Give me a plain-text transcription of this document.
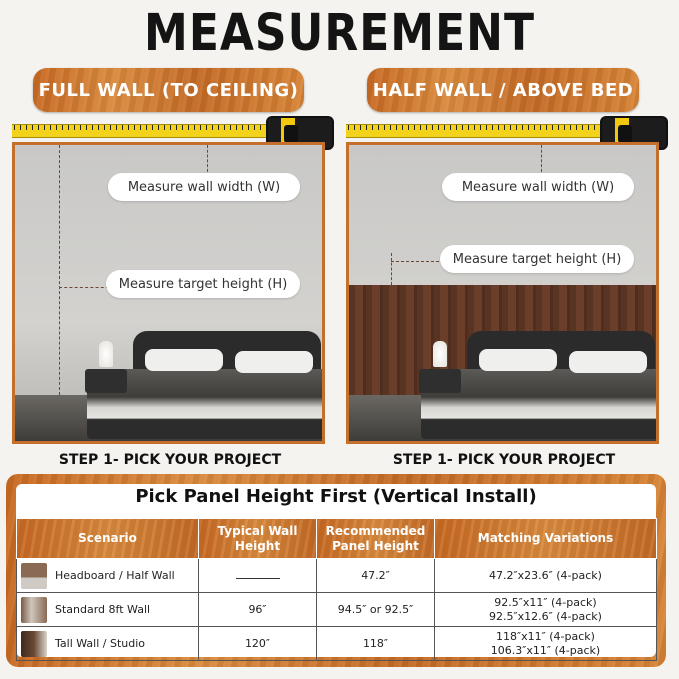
MEASUREMENT
FULL WALL (TO CEILING)
Measure wall width (W)
Measure target height (H)
STEP 1- PICK YOUR PROJECT
HALF WALL / ABOVE BED
Measure wall width (W)
Measure target height (H)
STEP 1- PICK YOUR PROJECT
Pick Panel Height First (Vertical Install)
Scenario	Typical Wall Height	Recommended Panel Height	Matching Variations
Headboard / Half Wall		47.2″	47.2″x23.6″ (4-pack)

Standard 8ft Wall	96″	94.5″ or 92.5″	92.5″x11″ (4-pack)
92.5″x12.6″ (4-pack)

Tall Wall / Studio	120″	118″	118″x11″ (4-pack)
106.3″x11″ (4-pack)
